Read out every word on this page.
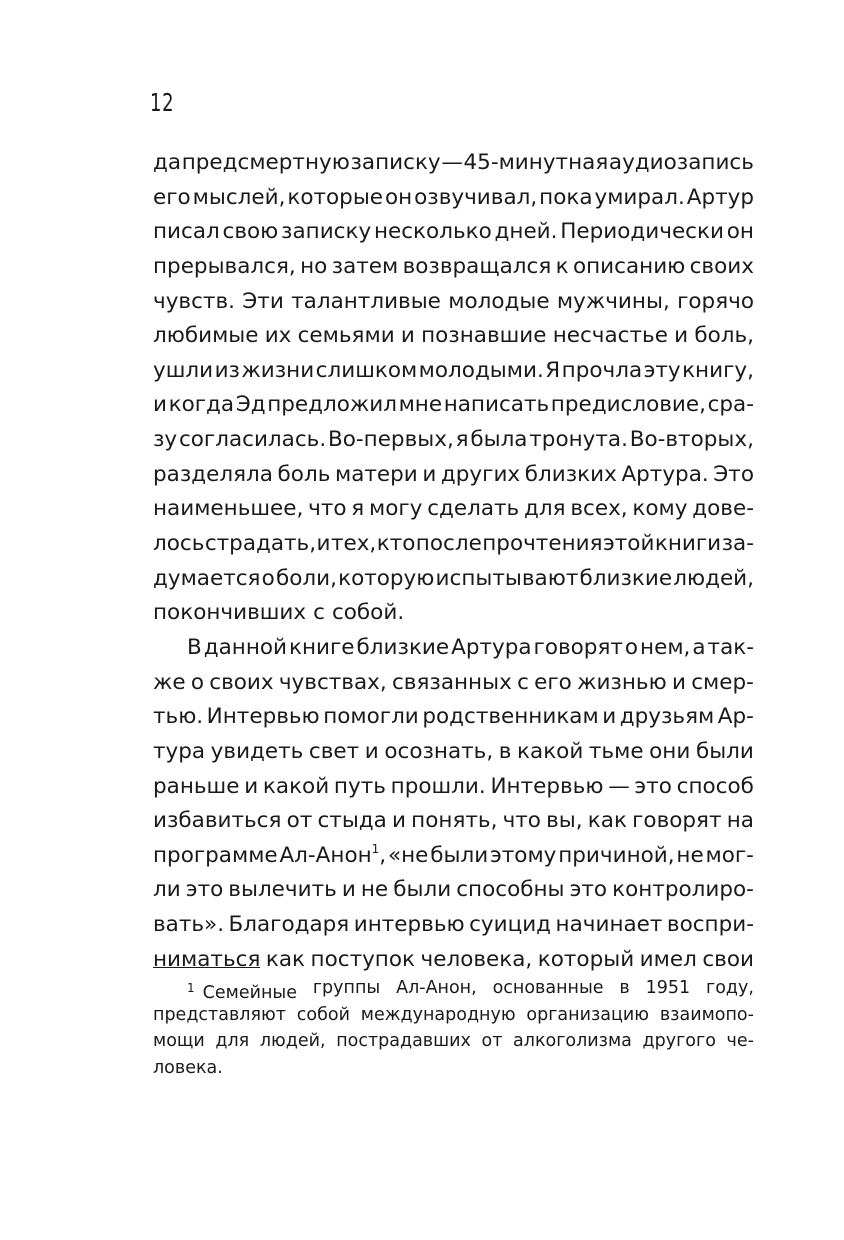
12
да предсмертную записку — 45-минутная аудиозапись
его мыслей, которые он озвучивал, пока умирал. Артур
писал свою записку несколько дней. Периодически он
прерывался, но затем возвращался к описанию своих
чувств. Эти талантливые молодые мужчины, горячо
любимые их семьями и познавшие несчастье и боль,
ушли из жизни слишком молодыми. Я прочла эту книгу,
и когда Эд предложил мне написать предисловие, сра-
зу согласилась. Во-первых, я была тронута. Во-вторых,
разделяла боль матери и других близких Артура. Это
наименьшее, что я могу сделать для всех, кому дове-
лось страдать, и тех, кто после прочтения этой книги за-
думается о боли, которую испытывают близкие людей,
покончивших с собой.
В данной книге близкие Артура говорят о нем, а так-
же о своих чувствах, связанных с его жизнью и смер-
тью. Интервью помогли родственникам и друзьям Ар-
тура увидеть свет и осознать, в какой тьме они были
раньше и какой путь прошли. Интервью — это способ
избавиться от стыда и понять, что вы, как говорят на
программе Ал-Анон$^1$, «не были этому причиной, не мог-
ли это вылечить и не были способны это контролиро-
вать». Благодаря интервью суицид начинает воспри-
ниматься как поступок человека, который имел свои
$^1$ Семейные группы Ал-Анон, основанные в 1951 году,
представляют собой международную организацию взаимопо-
мощи для людей, пострадавших от алкоголизма другого че-
ловека.
